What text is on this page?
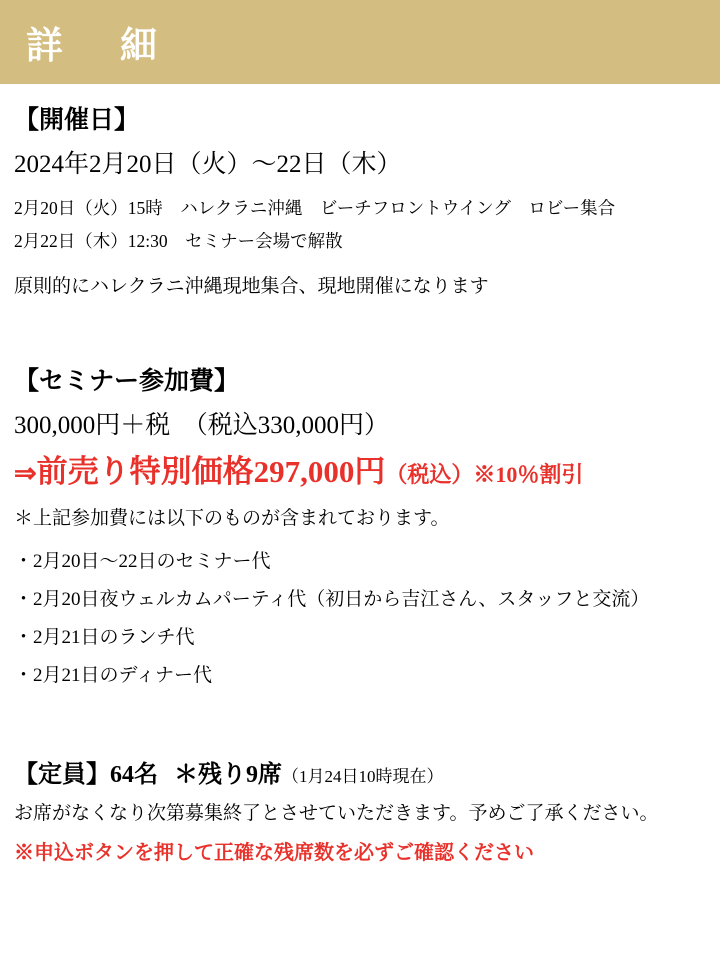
詳　細
【開催日】
2024年2月20日（火）〜22日（木）
2月20日（火）15時　ハレクラニ沖縄　ビーチフロントウイング　ロビー集合
2月22日（木）12:30　セミナー会場で解散
原則的にハレクラニ沖縄現地集合、現地開催になります
【セミナー参加費】
300,000円＋税　（税込330,000円）
⇒ 前売り特別価格297,000円 （税込） ※10％割引
＊上記参加費には以下のものが含まれております。
・2月20日〜22日のセミナー代
・2月20日夜ウェルカムパーティ代（初日から吉江さん、スタッフと交流）
・2月21日のランチ代
・2月21日のディナー代
【定員】64名 ＊残り9席 （1月24日10時現在）
お席がなくなり次第募集終了とさせていただきます。予めご了承ください。
※申込ボタンを押して正確な残席数を必ずご確認ください
